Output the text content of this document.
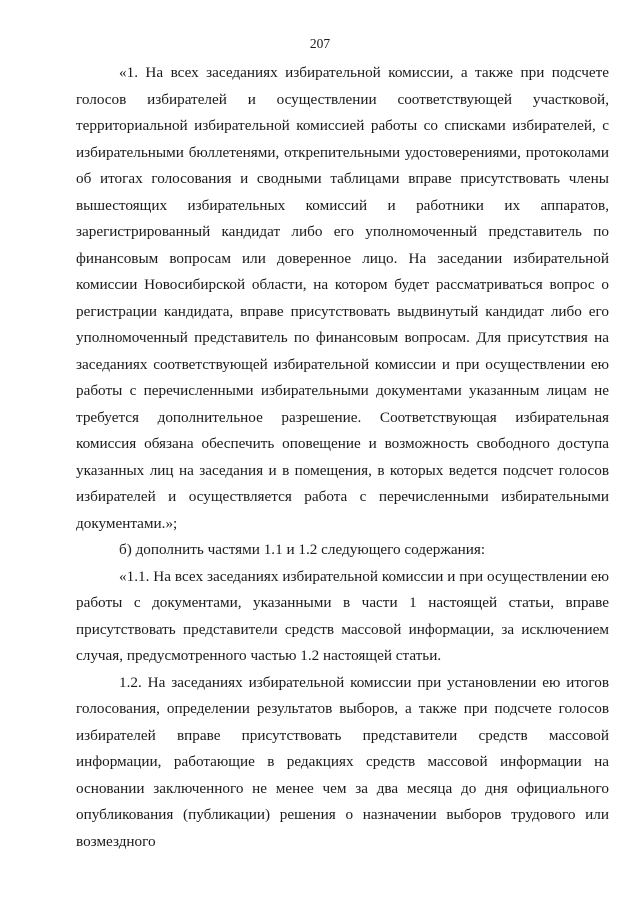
207

«1. На всех заседаниях избирательной комиссии, а также при подсчете голосов избирателей и осуществлении соответствующей участковой, территориальной избирательной комиссией работы со списками избирателей, с избирательными бюллетенями, открепительными удостоверениями, протоколами об итогах голосования и сводными таблицами вправе присутствовать члены вышестоящих избирательных комиссий и работники их аппаратов, зарегистрированный кандидат либо его уполномоченный представитель по финансовым вопросам или доверенное лицо. На заседании избирательной комиссии Новосибирской области, на котором будет рассматриваться вопрос о регистрации кандидата, вправе присутствовать выдвинутый кандидат либо его уполномоченный представитель по финансовым вопросам. Для присутствия на заседаниях соответствующей избирательной комиссии и при осуществлении ею работы с перечисленными избирательными документами указанным лицам не требуется дополнительное разрешение. Соответствующая избирательная комиссия обязана обеспечить оповещение и возможность свободного доступа указанных лиц на заседания и в помещения, в которых ведется подсчет голосов избирателей и осуществляется работа с перечисленными избирательными документами.»;

б) дополнить частями 1.1 и 1.2 следующего содержания:

«1.1. На всех заседаниях избирательной комиссии и при осуществлении ею работы с документами, указанными в части 1 настоящей статьи, вправе присутствовать представители средств массовой информации, за исключением случая, предусмотренного частью 1.2 настоящей статьи.

1.2. На заседаниях избирательной комиссии при установлении ею итогов голосования, определении результатов выборов, а также при подсчете голосов избирателей вправе присутствовать представители средств массовой информации, работающие в редакциях средств массовой информации на основании заключенного не менее чем за два месяца до дня официального опубликования (публикации) решения о назначении выборов трудового или возмездного
